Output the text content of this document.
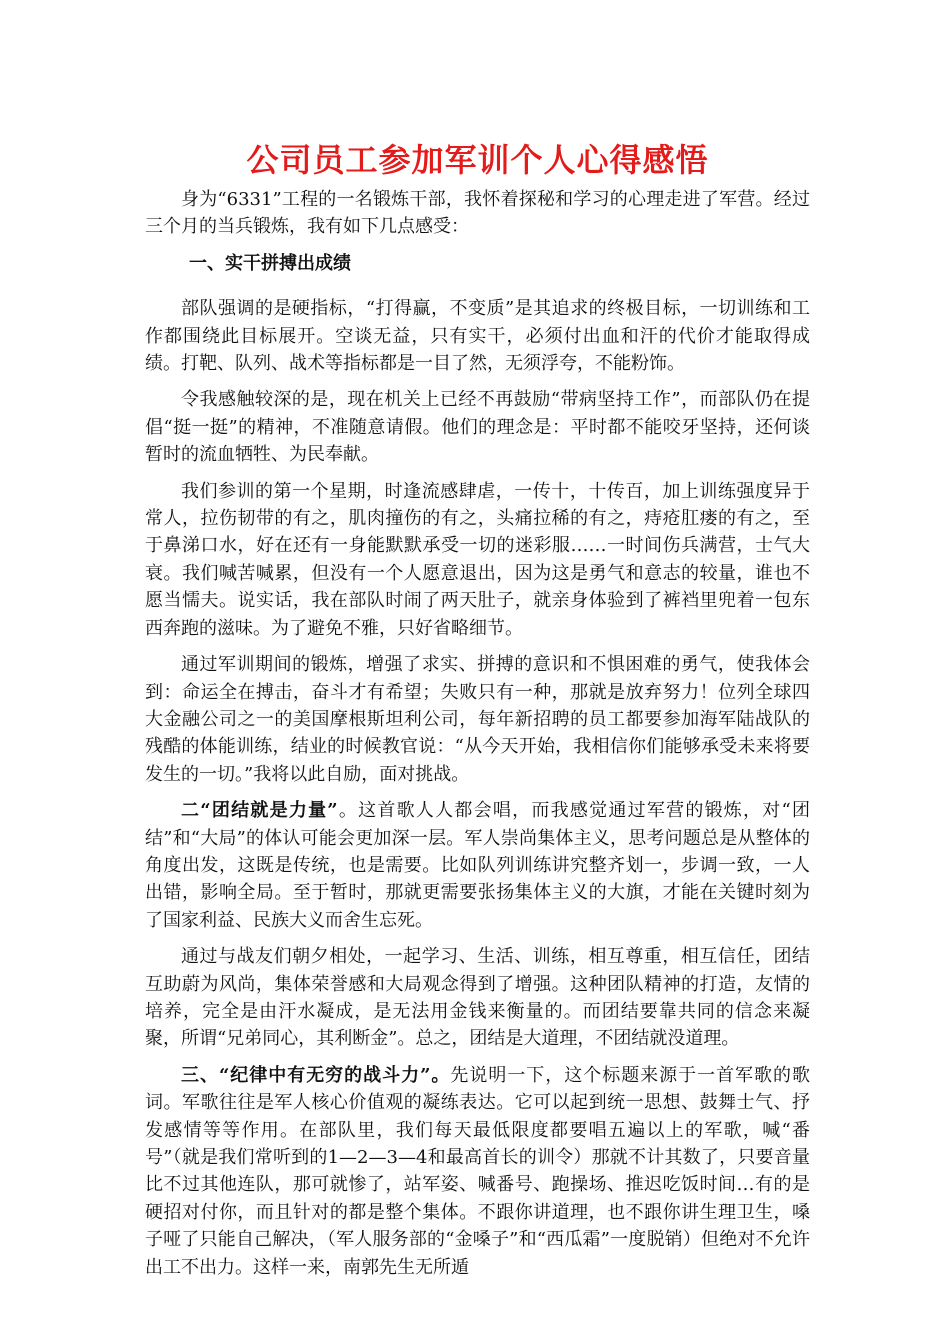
公司员工参加军训个人心得感悟

身为“6331”工程的一名锻炼干部，我怀着探秘和学习的心理走进了军营。经过三个月的当兵锻炼，我有如下几点感受：

一、实干拼搏出成绩

部队强调的是硬指标，“打得赢，不变质”是其追求的终极目标，一切训练和工作都围绕此目标展开。空谈无益，只有实干，必须付出血和汗的代价才能取得成绩。打靶、队列、战术等指标都是一目了然，无须浮夸，不能粉饰。

令我感触较深的是，现在机关上已经不再鼓励“带病坚持工作”，而部队仍在提倡“挺一挺”的精神，不准随意请假。他们的理念是：平时都不能咬牙坚持，还何谈暂时的流血牺牲、为民奉献。

我们参训的第一个星期，时逢流感肆虐，一传十，十传百，加上训练强度异于常人，拉伤韧带的有之，肌肉撞伤的有之，头痛拉稀的有之，痔疮肛瘘的有之，至于鼻涕口水，好在还有一身能默默承受一切的迷彩服……一时间伤兵满营，士气大衰。我们喊苦喊累，但没有一个人愿意退出，因为这是勇气和意志的较量，谁也不愿当懦夫。说实话，我在部队时闹了两天肚子，就亲身体验到了裤裆里兜着一包东西奔跑的滋味。为了避免不雅，只好省略细节。

通过军训期间的锻炼，增强了求实、拼搏的意识和不惧困难的勇气，使我体会到：命运全在搏击，奋斗才有希望；失败只有一种，那就是放弃努力！位列全球四大金融公司之一的美国摩根斯坦利公司，每年新招聘的员工都要参加海军陆战队的残酷的体能训练，结业的时候教官说：“从今天开始，我相信你们能够承受未来将要发生的一切。”我将以此自励，面对挑战。

二“团结就是力量”。这首歌人人都会唱，而我感觉通过军营的锻炼，对“团结”和“大局”的体认可能会更加深一层。军人崇尚集体主义，思考问题总是从整体的角度出发，这既是传统，也是需要。比如队列训练讲究整齐划一，步调一致，一人出错，影响全局。至于暂时，那就更需要张扬集体主义的大旗，才能在关键时刻为了国家利益、民族大义而舍生忘死。

通过与战友们朝夕相处，一起学习、生活、训练，相互尊重，相互信任，团结互助蔚为风尚，集体荣誉感和大局观念得到了增强。这种团队精神的打造，友情的培养，完全是由汗水凝成，是无法用金钱来衡量的。而团结要靠共同的信念来凝聚，所谓“兄弟同心，其利断金”。总之，团结是大道理，不团结就没道理。

三、“纪律中有无穷的战斗力”。先说明一下，这个标题来源于一首军歌的歌词。军歌往往是军人核心价值观的凝练表达。它可以起到统一思想、鼓舞士气、抒发感情等等作用。在部队里，我们每天最低限度都要唱五遍以上的军歌，喊“番号”（就是我们常听到的1—2—3—4和最高首长的训令）那就不计其数了，只要音量比不过其他连队，那可就惨了，站军姿、喊番号、跑操场、推迟吃饭时间…有的是硬招对付你，而且针对的都是整个集体。不跟你讲道理，也不跟你讲生理卫生，嗓子哑了只能自己解决，（军人服务部的“金嗓子”和“西瓜霜”一度脱销）但绝对不允许出工不出力。这样一来，南郭先生无所遁
